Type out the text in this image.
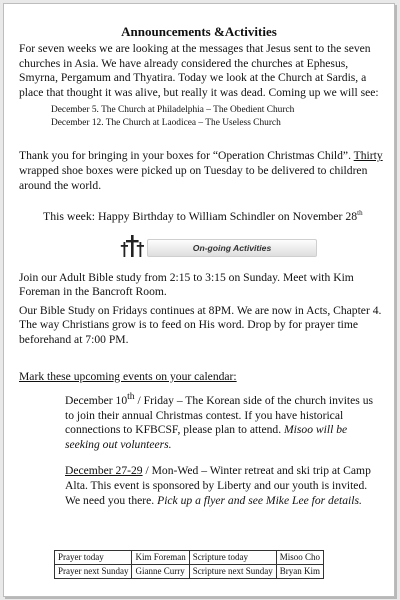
Announcements &Activities

For seven weeks we are looking at the messages that Jesus sent to the seven churches in Asia. We have already considered the churches at Ephesus, Smyrna, Pergamum and Thyatira. Today we look at the Church at Sardis, a place that thought it was alive, but really it was dead. Coming up we will see:

December 5. The Church at Philadelphia – The Obedient Church
December 12. The Church at Laodicea – The Useless Church

Thank you for bringing in your boxes for “Operation Christmas Child”. Thirty wrapped shoe boxes were picked up on Tuesday to be delivered to children around the world.

This week: Happy Birthday to William Schindler on November 28th

On-going Activities

Join our Adult Bible study from 2:15 to 3:15 on Sunday. Meet with Kim Foreman in the Bancroft Room.

Our Bible Study on Fridays continues at 8PM. We are now in Acts, Chapter 4. The way Christians grow is to feed on His word. Drop by for prayer time beforehand at 7:00 PM.

Mark these upcoming events on your calendar:

December 10th / Friday – The Korean side of the church invites us to join their annual Christmas contest. If you have historical connections to KFBCSF, please plan to attend. Misoo will be seeking out volunteers.
December 27-29 / Mon-Wed – Winter retreat and ski trip at Camp Alta. This event is sponsored by Liberty and our youth is invited. We need you there. Pick up a flyer and see Mike Lee for details.
Prayer today	Kim Foreman	Scripture today	Misoo Cho
Prayer next Sunday	Gianne Curry	Scripture next Sunday	Bryan Kim
